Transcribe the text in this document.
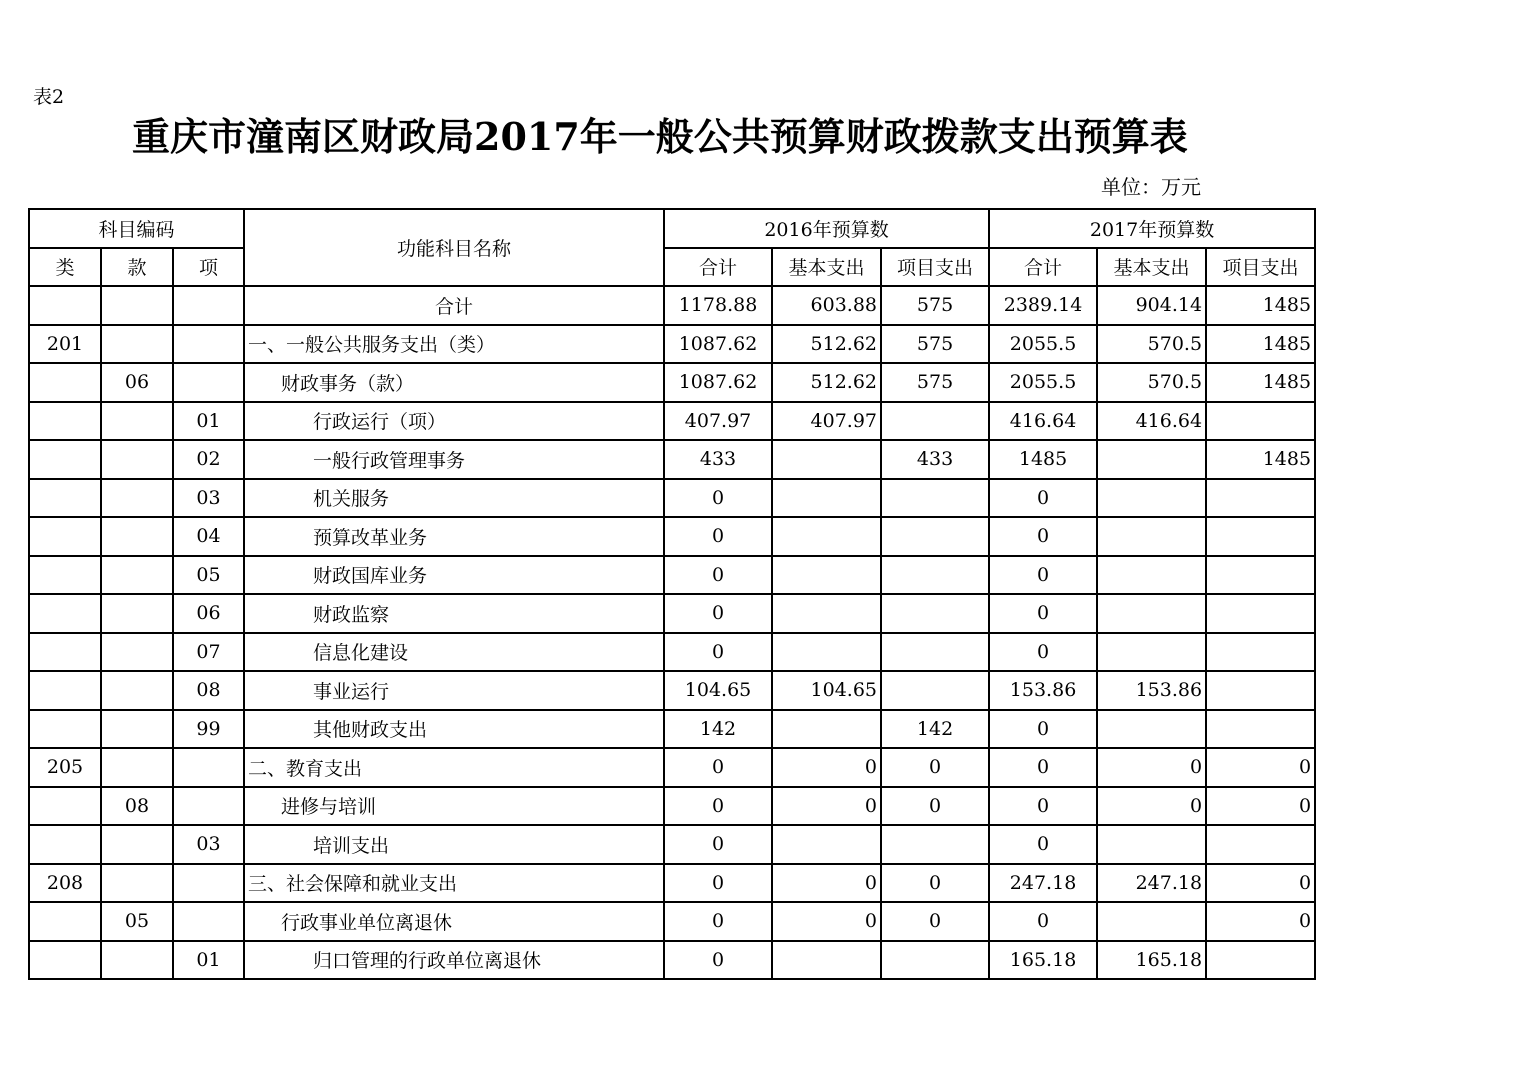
表2
重庆市潼南区财政局2017年一般公共预算财政拨款支出预算表
单位：万元
科目编码			功能科目名称	2016年预算数			2017年预算数		
类	款	项		合计	基本支出	项目支出	合计	基本支出	项目支出
			合计	1178.88	603.88	575	2389.14	904.14	1485
201			一、一般公共服务支出（类）	1087.62	512.62	575	2055.5	570.5	1485
	06		财政事务（款）	1087.62	512.62	575	2055.5	570.5	1485
		01	行政运行（项）	407.97	407.97		416.64	416.64	
		02	一般行政管理事务	433		433	1485		1485
		03	机关服务	0			0		
		04	预算改革业务	0			0		
		05	财政国库业务	0			0		
		06	财政监察	0			0		
		07	信息化建设	0			0		
		08	事业运行	104.65	104.65		153.86	153.86	
		99	其他财政支出	142		142	0		
205			二、教育支出	0	0	0	0	0	0
	08		进修与培训	0	0	0	0	0	0
		03	培训支出	0			0		
208			三、社会保障和就业支出	0	0	0	247.18	247.18	0
	05		行政事业单位离退休	0	0	0	0		0
		01	归口管理的行政单位离退休	0			165.18	165.18	
